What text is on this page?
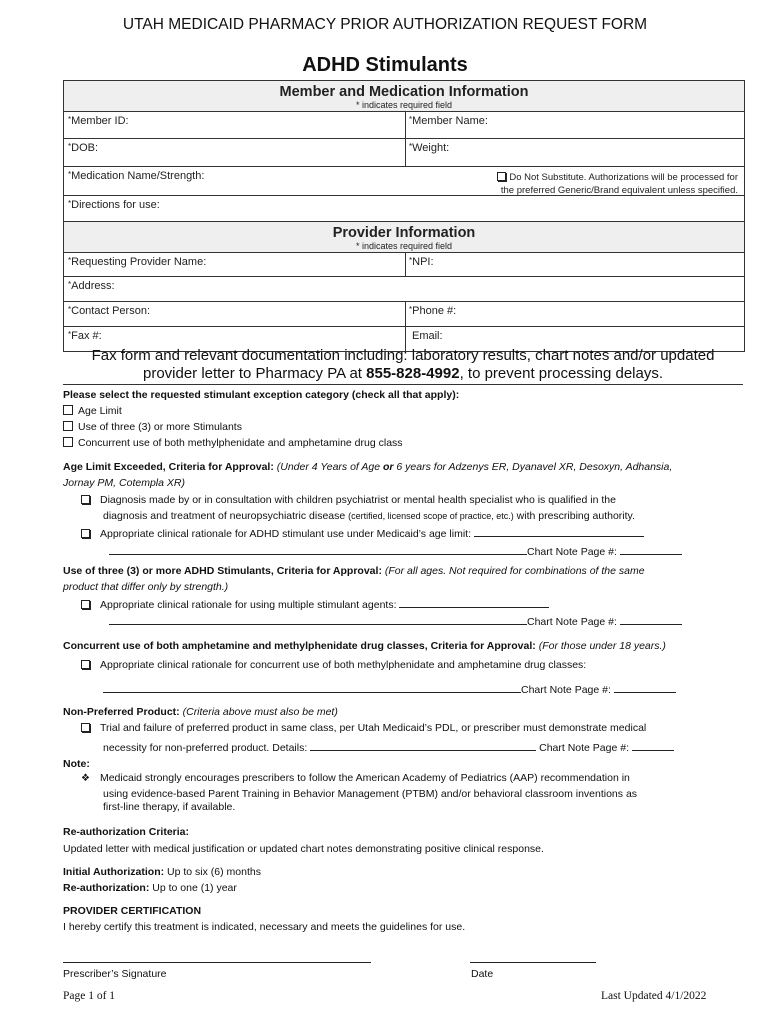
UTAH MEDICAID PHARMACY PRIOR AUTHORIZATION REQUEST FORM
ADHD Stimulants
Member and Medication Information
* indicates required field
*Member ID:	*Member Name:
*DOB:	*Weight:
*Medication Name/Strength:	Do Not Substitute. Authorizations will be processed for
the preferred Generic/Brand equivalent unless specified.
*Directions for use:
Provider Information
* indicates required field
*Requesting Provider Name:	*NPI:
*Address:
*Contact Person:	*Phone #:
*Fax #:	Email:
Fax form and relevant documentation including: laboratory results, chart notes and/or updated
provider letter to Pharmacy PA at 855-828-4992, to prevent processing delays.
Please select the requested stimulant exception category (check all that apply):
Age Limit
Use of three (3) or more Stimulants
Concurrent use of both methylphenidate and amphetamine drug class
Age Limit Exceeded, Criteria for Approval: (Under 4 Years of Age or 6 years for Adzenys ER, Dyanavel XR, Desoxyn, Adhansia,
Jornay PM, Cotempla XR)
Diagnosis made by or in consultation with children psychiatrist or mental health specialist who is qualified in the
diagnosis and treatment of neuropsychiatric disease (certified, licensed scope of practice, etc.) with prescribing authority.
Appropriate clinical rationale for ADHD stimulant use under Medicaid’s age limit:
Chart Note Page #:
Use of three (3) or more ADHD Stimulants, Criteria for Approval: (For all ages. Not required for combinations of the same
product that differ only by strength.)
Appropriate clinical rationale for using multiple stimulant agents:
Chart Note Page #:
Concurrent use of both amphetamine and methylphenidate drug classes, Criteria for Approval: (For those under 18 years.)
Appropriate clinical rationale for concurrent use of both methylphenidate and amphetamine drug classes:
Chart Note Page #:
Non-Preferred Product: (Criteria above must also be met)
Trial and failure of preferred product in same class, per Utah Medicaid’s PDL, or prescriber must demonstrate medical
necessity for non-preferred product. Details:	Chart Note Page #:
Note:
❖ Medicaid strongly encourages prescribers to follow the American Academy of Pediatrics (AAP) recommendation in
using evidence-based Parent Training in Behavior Management (PTBM) and/or behavioral classroom inventions as
first-line therapy, if available.
Re-authorization Criteria:
Updated letter with medical justification or updated chart notes demonstrating positive clinical response.
Initial Authorization: Up to six (6) months
Re-authorization: Up to one (1) year
PROVIDER CERTIFICATION
I hereby certify this treatment is indicated, necessary and meets the guidelines for use.
Prescriber’s Signature	Date
Page 1 of 1	Last Updated 4/1/2022
